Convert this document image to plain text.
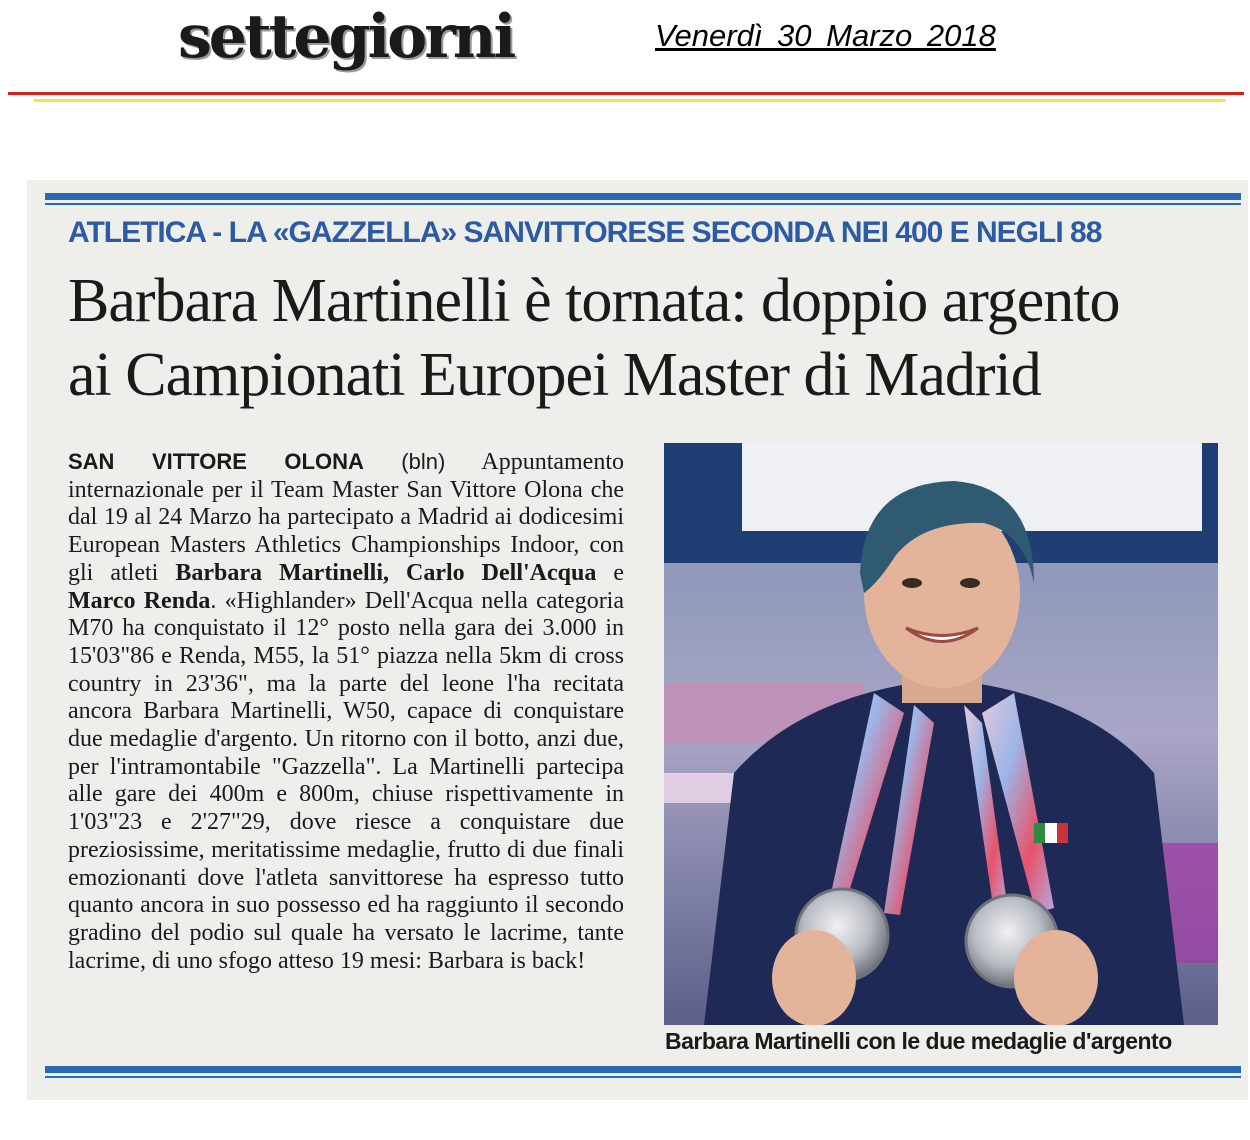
settegiorni	Venerdì 30 Marzo 2018
ATLETICA - LA «GAZZELLA» SANVITTORESE SECONDA NEI 400 E NEGLI 88
Barbara Martinelli è tornata: doppio argento
ai Campionati Europei Master di Madrid
SAN VITTORE OLONA (bln) Appuntamento internazionale per il Team Master San Vittore Olona che dal 19 al 24 Marzo ha partecipato a Madrid ai dodicesimi European Masters Athletics Championships Indoor, con gli atleti Barbara Martinelli, Carlo Dell'Acqua e Marco Renda. «Highlander» Dell'Acqua nella categoria M70 ha conquistato il 12° posto nella gara dei 3.000 in 15'03"86 e Renda, M55, la 51° piazza nella 5km di cross country in 23'36", ma la parte del leone l'ha recitata ancora Barbara Martinelli, W50, capace di conquistare due medaglie d'argento. Un ritorno con il botto, anzi due, per l'intramontabile "Gazzella". La Martinelli partecipa alle gare dei 400m e 800m, chiuse rispettivamente in 1'03"23 e 2'27"29, dove riesce a conquistare due preziosissime, meritatissime medaglie, frutto di due finali emozionanti dove l'atleta sanvittorese ha espresso tutto quanto ancora in suo possesso ed ha raggiunto il secondo gradino del podio sul quale ha versato le lacrime, tante lacrime, di uno sfogo atteso 19 mesi: Barbara is back!
Barbara Martinelli con le due medaglie d'argento
